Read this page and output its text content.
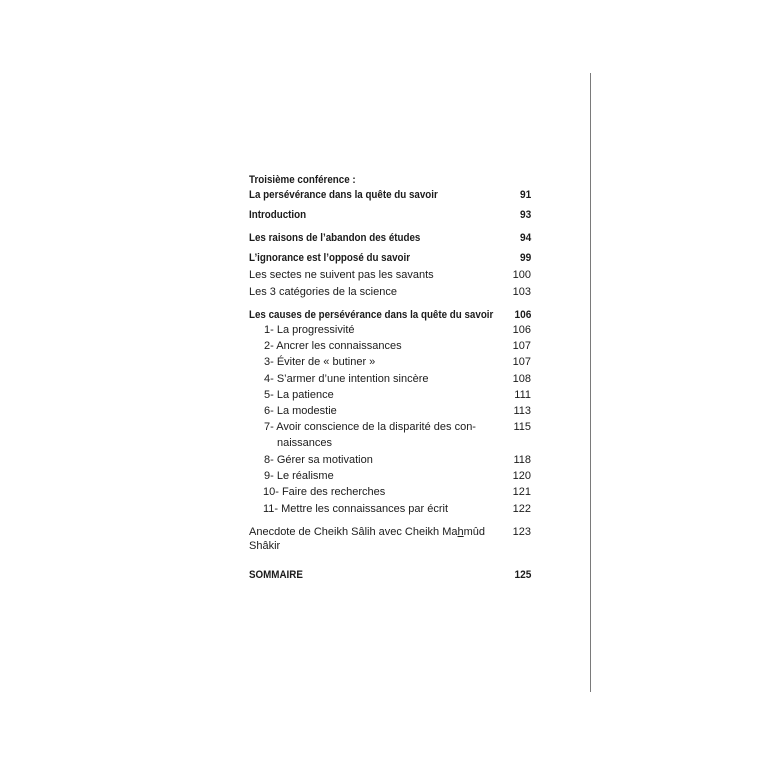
Troisième conférence :
La persévérance dans la quête du savoir	91
Introduction	93
Les raisons de l’abandon des études	94
L’ignorance est l’opposé du savoir	99
Les sectes ne suivent pas les savants	100
Les 3 catégories de la science	103
Les causes de persévérance dans la quête du savoir 106
1- La progressivité	106
2- Ancrer les connaissances	107
3- Éviter de « butiner »	107
4- S’armer d’une intention sincère	108
5- La patience	111
6- La modestie	113
7- Avoir conscience de la disparité des con-	115
naissances
8- Gérer sa motivation	118
9- Le réalisme	120
10- Faire des recherches	121
11- Mettre les connaissances par écrit	122
Anecdote de Cheikh Sâlih avec Cheikh Mahmûd	123
Shâkir
SOMMAIRE	125
